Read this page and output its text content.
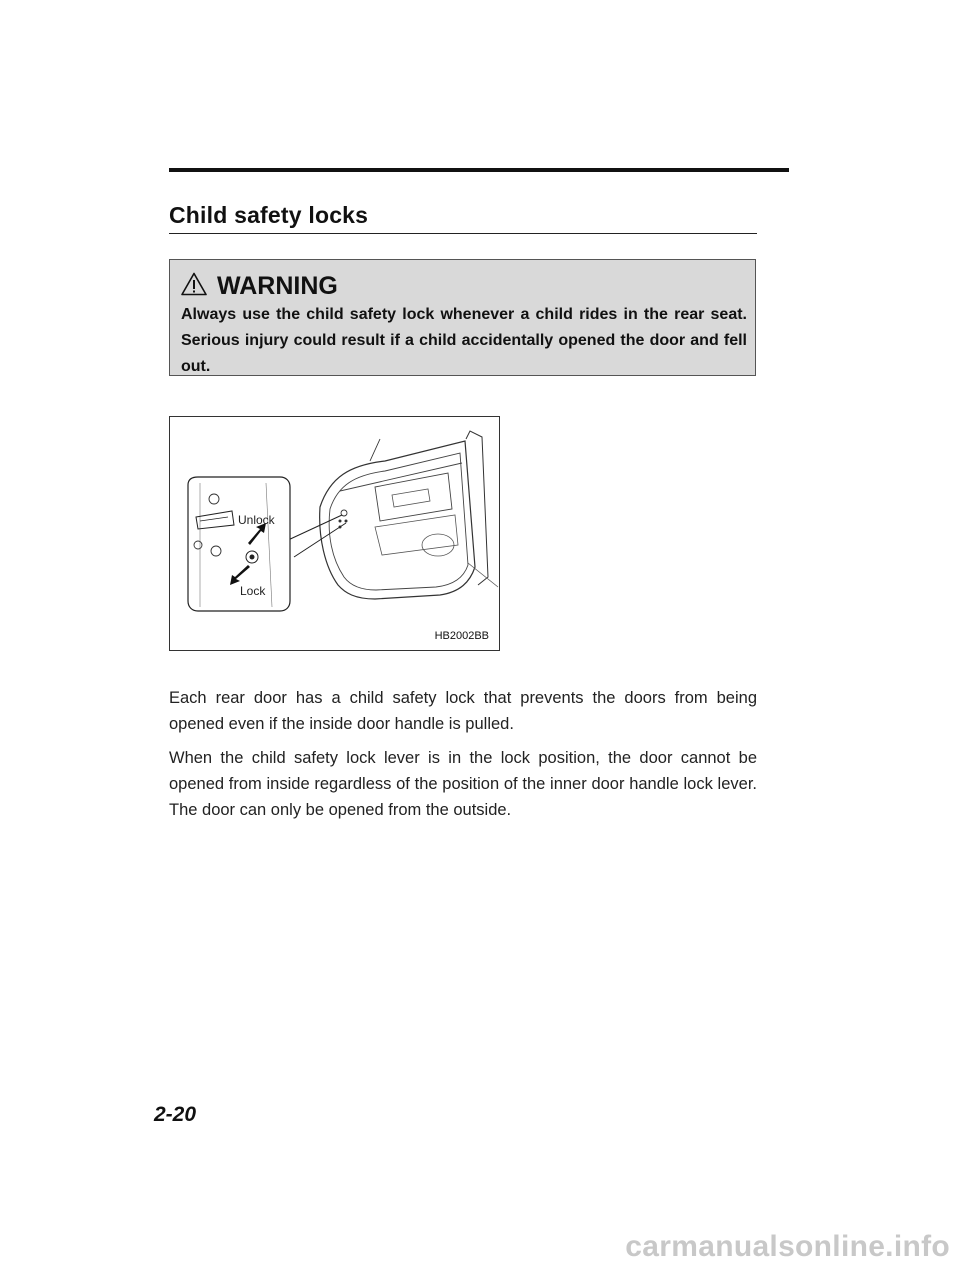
Child safety locks
WARNING
Always use the child safety lock whenever a child rides in the rear seat. Serious injury could result if a child accidentally opened the door and fell out.
Unlock
Lock
HB2002BB

Each rear door has a child safety lock that prevents the doors from being opened even if the inside door handle is pulled.

When the child safety lock lever is in the lock position, the door cannot be opened from inside regardless of the position of the inner door handle lock lever. The door can only be opened from the outside.

2-20
carmanualsonline.info
